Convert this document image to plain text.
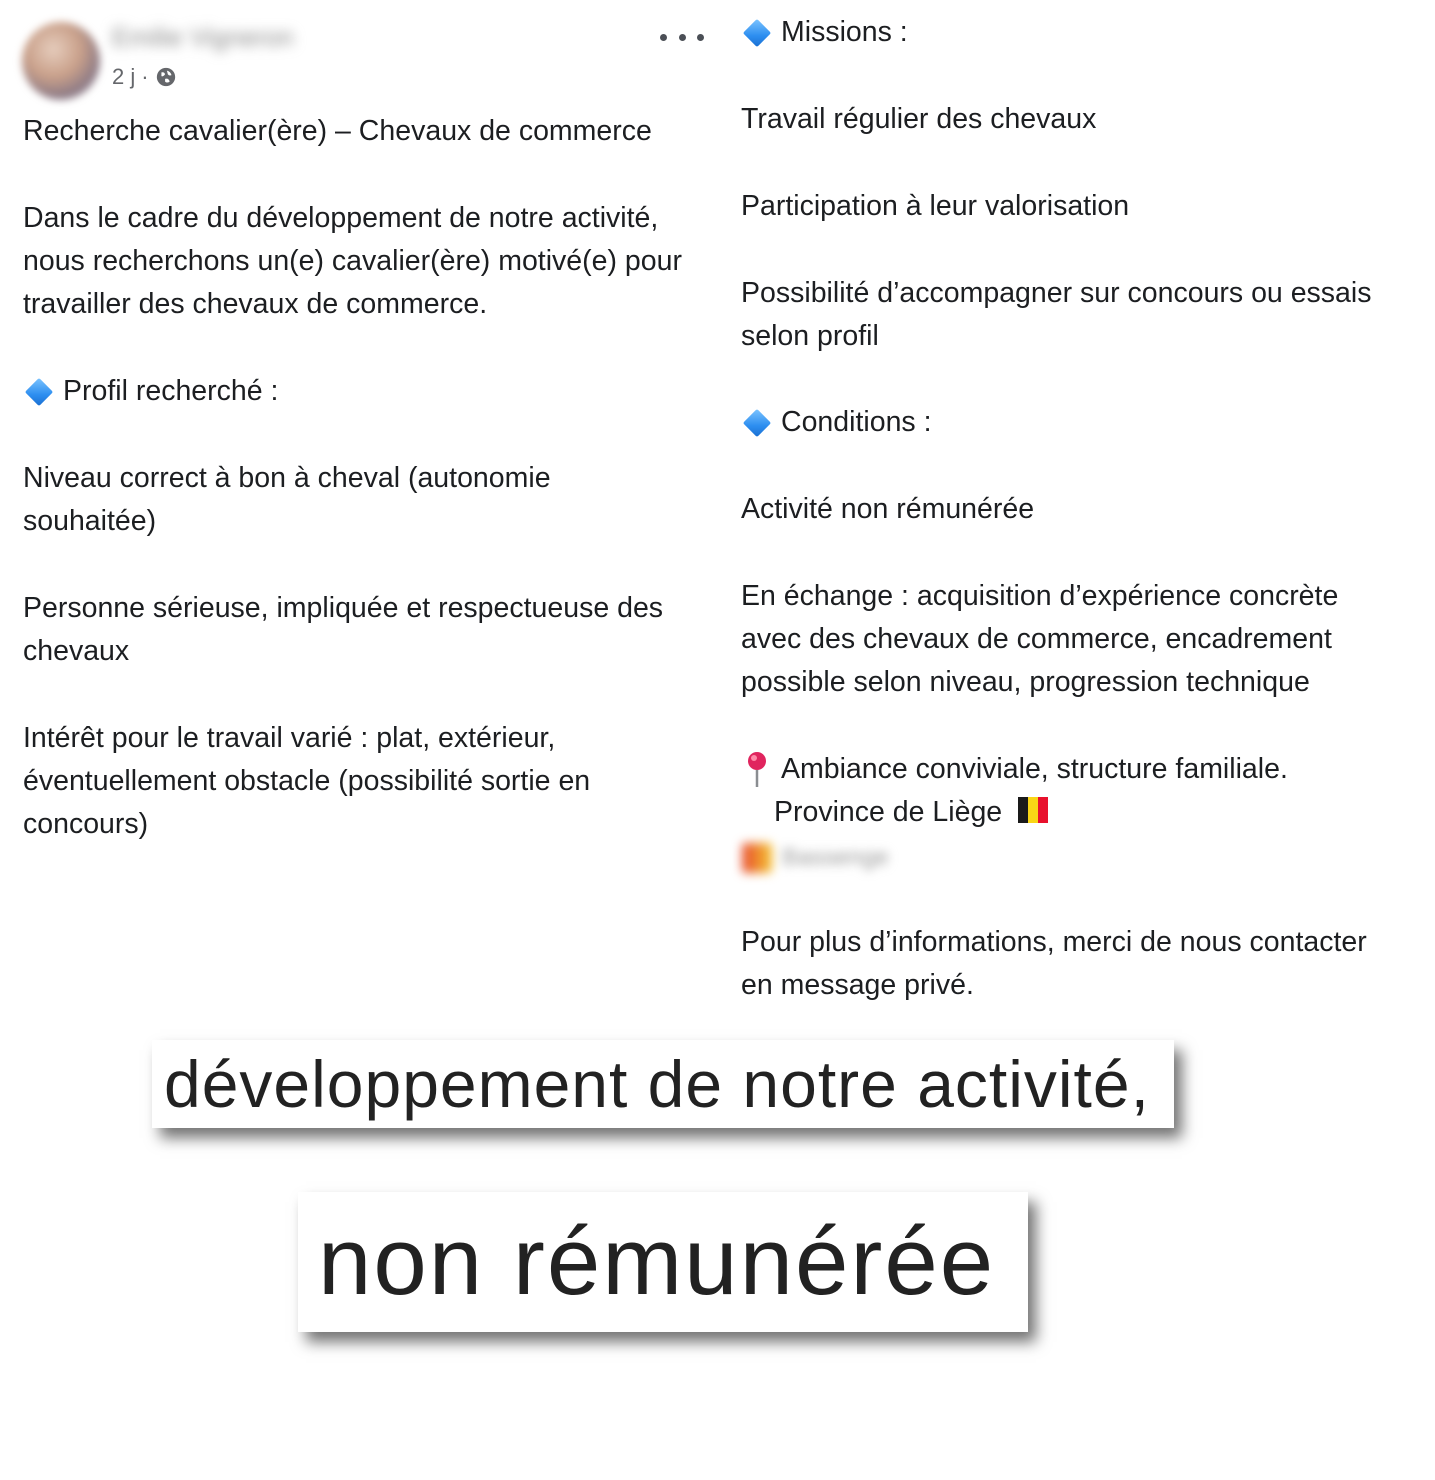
Emilie Vigneron
2 j ·
Recherche cavalier(ère) – Chevaux de commerce
Dans le cadre du développement de notre activité,
nous recherchons un(e) cavalier(ère) motivé(e) pour
travailler des chevaux de commerce.
Profil recherché :
Niveau correct à bon à cheval (autonomie
souhaitée)
Personne sérieuse, impliquée et respectueuse des
chevaux
Intérêt pour le travail varié : plat, extérieur,
éventuellement obstacle (possibilité sortie en
concours)
Missions :
Travail régulier des chevaux
Participation à leur valorisation
Possibilité d’accompagner sur concours ou essais
selon profil
Conditions :
Activité non rémunérée
En échange : acquisition d’expérience concrète
avec des chevaux de commerce, encadrement
possible selon niveau, progression technique
Ambiance conviviale, structure familiale.
Province de Liège
Pour plus d’informations, merci de nous contacter
en message privé.
Bassenge
développement de notre activité,
non rémunérée
